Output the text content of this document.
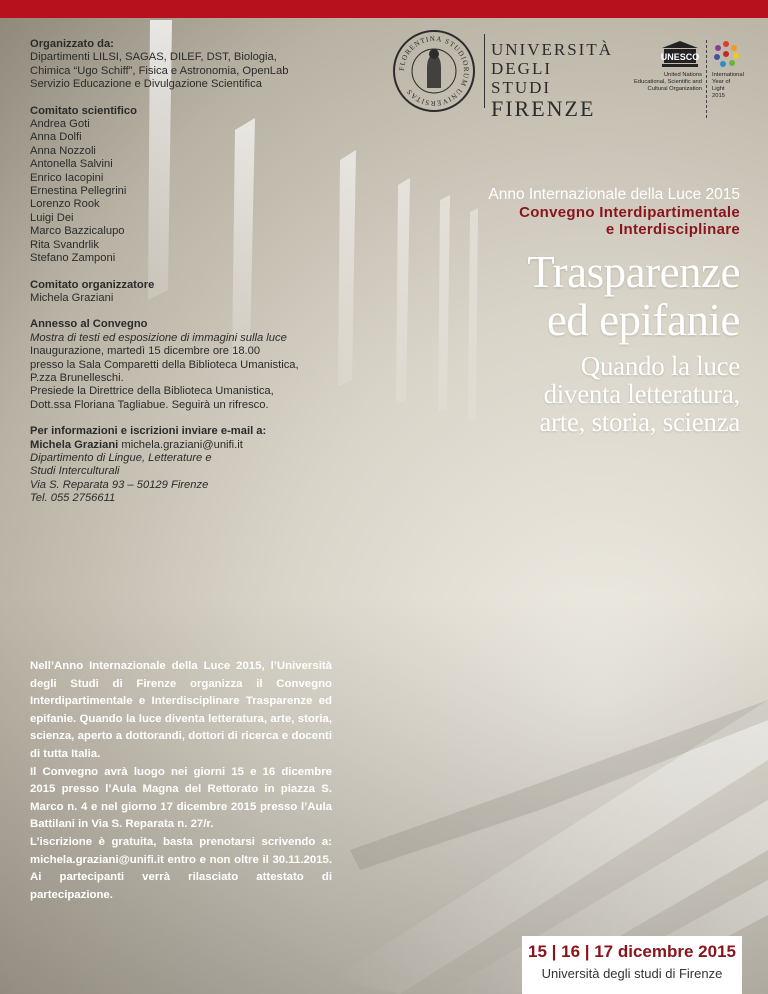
Organizzato da:
Dipartimenti LILSI, SAGAS, DILEF, DST, Biologia,
Chimica “Ugo Schiff”, Fisica e Astronomia, OpenLab
Servizio Educazione e Divulgazione Scientifica
Comitato scientifico
Andrea Goti
Anna Dolfi
Anna Nozzoli
Antonella Salvini
Enrico Iacopini
Ernestina Pellegrini
Lorenzo Rook
Luigi Dei
Marco Bazzicalupo
Rita Svandrlik
Stefano Zamponi
Comitato organizzatore
Michela Graziani
Annesso al Convegno
Mostra di testi ed esposizione di immagini sulla luce
Inaugurazione, martedì 15 dicembre ore 18.00
presso la Sala Comparetti della Biblioteca Umanistica,
P.zza Brunelleschi.
Presiede la Direttrice della Biblioteca Umanistica,
Dott.ssa Floriana Tagliabue. Seguirà un rifresco.
Per informazioni e iscrizioni inviare e-mail a:
Michela Graziani michela.graziani@unifi.it
Dipartimento di Lingue, Letterature e
Studi Interculturali
Via S. Reparata 93 – 50129 Firenze
Tel. 055 2756611
FLORENTINA STUDIORUM UNIVERSITAS
UNIVERSITÀ
DEGLI STUDI
FIRENZE
UNESCO
United Nations
Educational, Scientific and
Cultural Organization
International
Year of Light
2015
Anno Internazionale della Luce 2015
Convegno Interdipartimentale
e Interdisciplinare
Trasparenze
ed epifanie
Quando la luce
diventa letteratura,
arte, storia, scienza

Nell’Anno Internazionale della Luce 2015, l’Università degli Studi di Firenze organizza il Convegno Interdipartimentale e Interdisciplinare Trasparenze ed epifanie. Quando la luce diventa letteratura, arte, storia, scienza, aperto a dottorandi, dottori di ricerca e docenti di tutta Italia.

Il Convegno avrà luogo nei giorni 15 e 16 dicembre 2015 presso l’Aula Magna del Rettorato in piazza S. Marco n. 4 e nel giorno 17 dicembre 2015 presso l’Aula Battilani in Via S. Reparata n. 27/r.

L’iscrizione è gratuita, basta prenotarsi scrivendo a: michela.graziani@unifi.it entro e non oltre il 30.11.2015. Ai partecipanti verrà rilasciato attestato di partecipazione.

15 | 16 | 17 dicembre 2015
Università degli studi di Firenze
